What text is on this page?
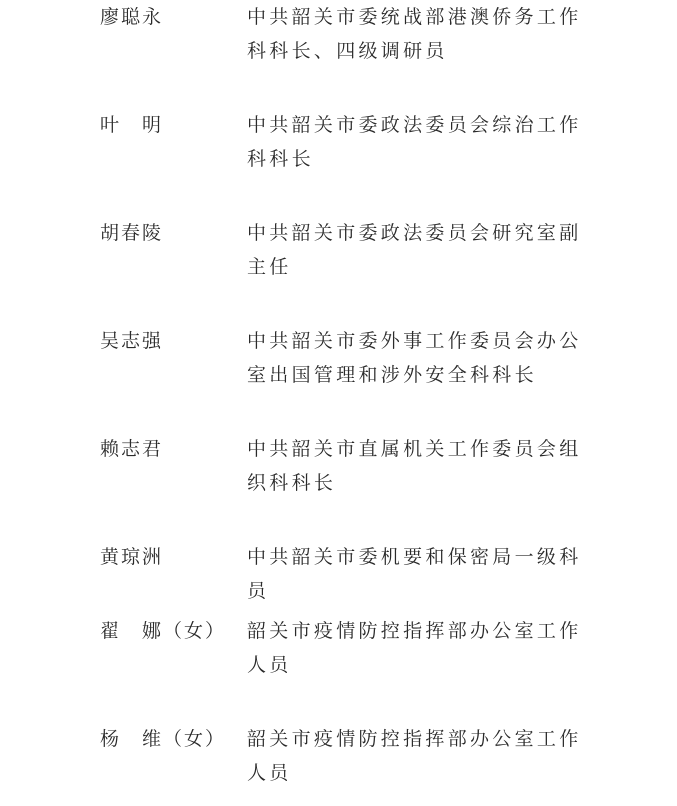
廖聪永	中共韶关市委统战部港澳侨务工作科科长、四级调研员
叶　明	中共韶关市委政法委员会综治工作科科长
胡春陵	中共韶关市委政法委员会研究室副主任
吴志强	中共韶关市委外事工作委员会办公室出国管理和涉外安全科科长
赖志君	中共韶关市直属机关工作委员会组织科科长
黄琼洲	中共韶关市委机要和保密局一级科员
翟　娜（女） 韶关市疫情防控指挥部办公室工作人员
杨　维（女） 韶关市疫情防控指挥部办公室工作人员
